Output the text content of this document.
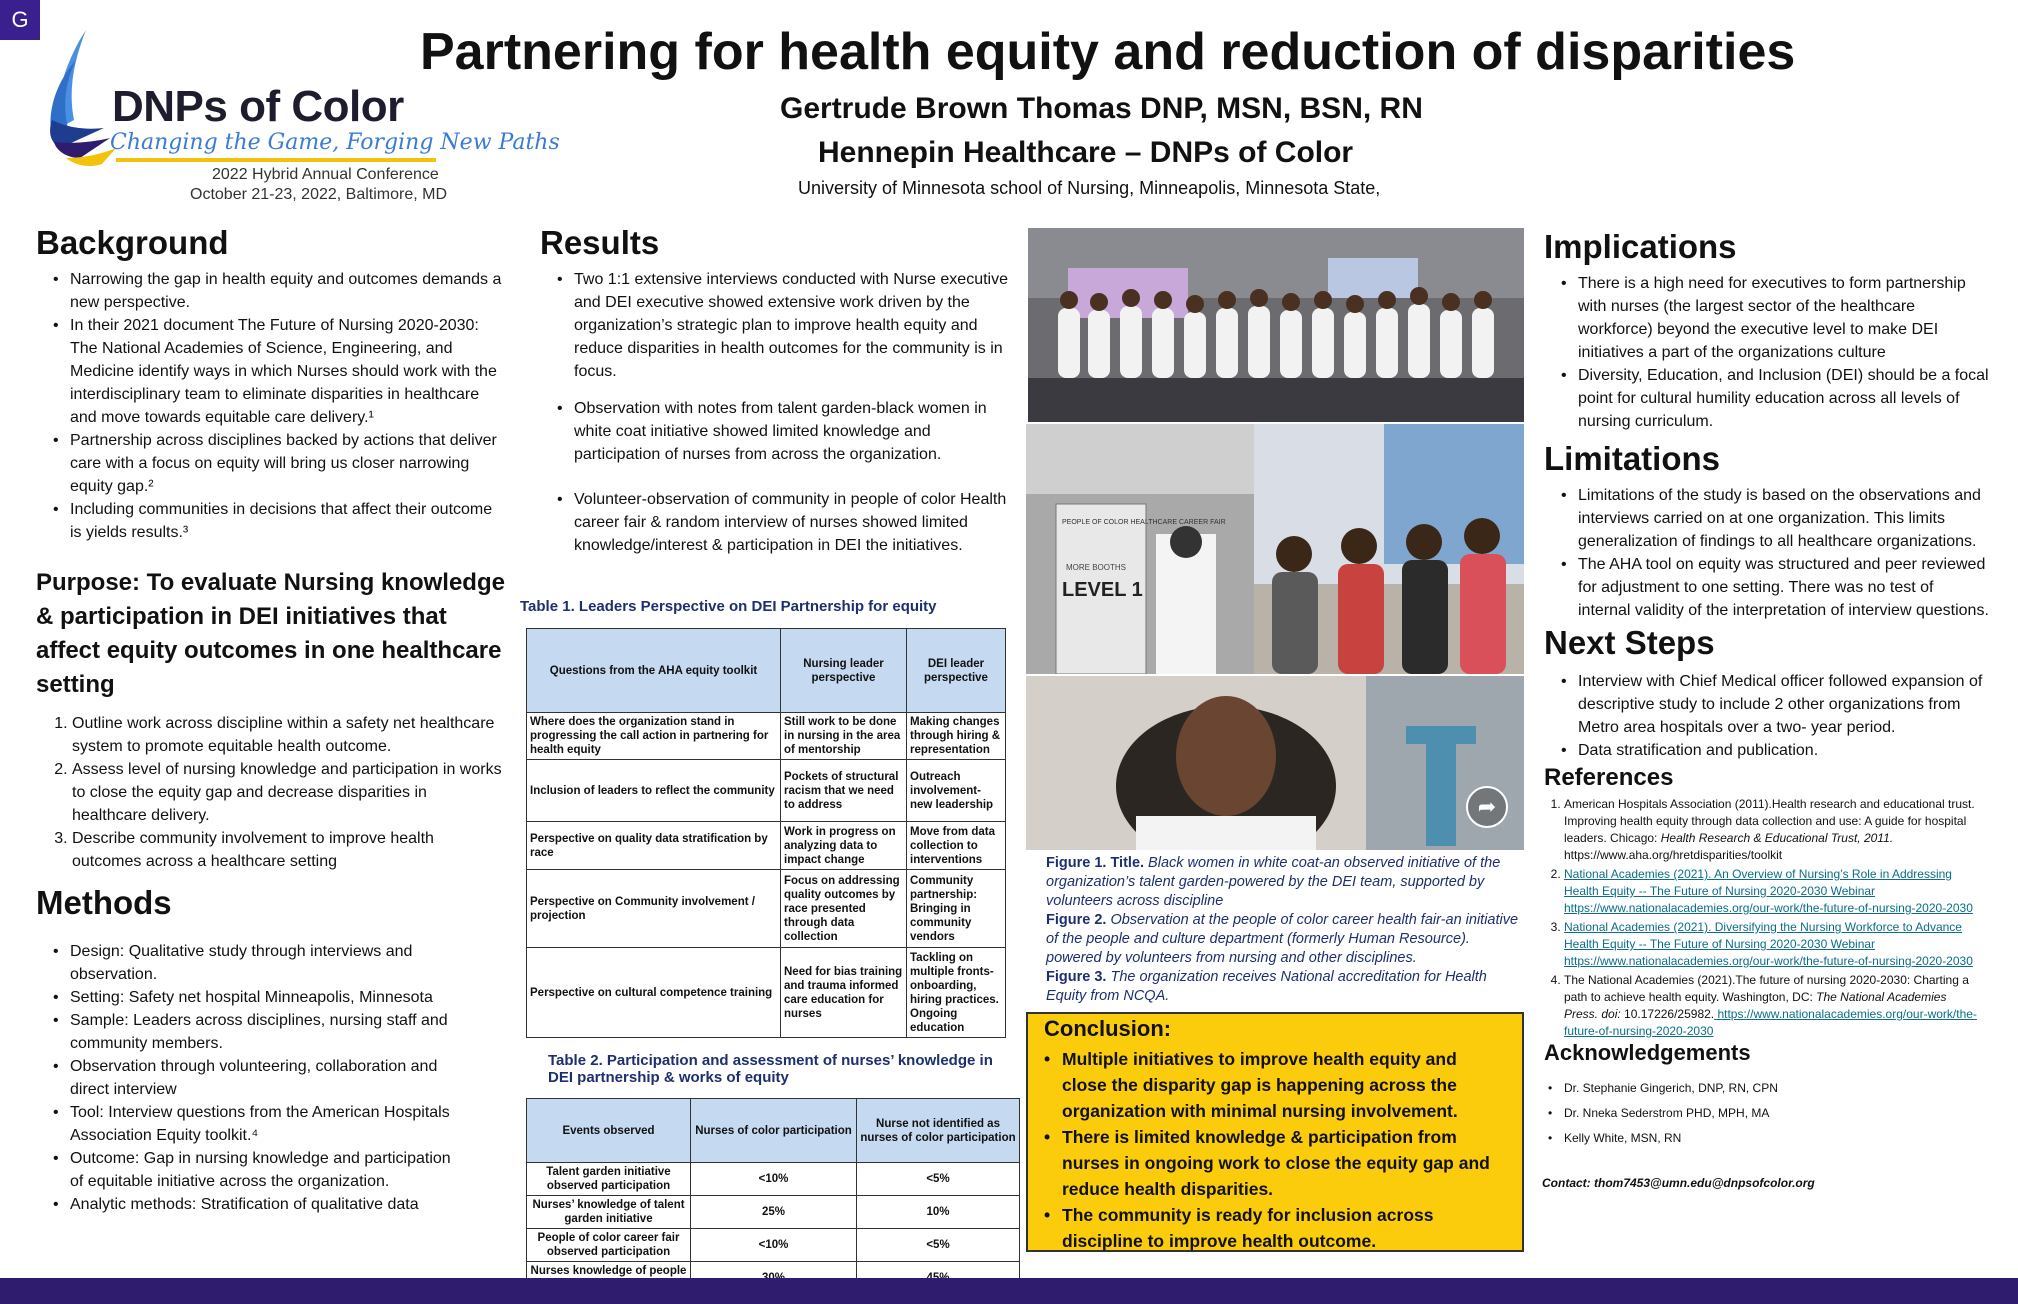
G
DNPs of Color
Changing the Game, Forging New Paths
2022 Hybrid Annual Conference
October 21-23, 2022, Baltimore, MD
Partnering for health equity and reduction of disparities
Gertrude Brown Thomas DNP, MSN, BSN, RN
Hennepin Healthcare – DNPs of Color
University of Minnesota school of Nursing, Minneapolis, Minnesota State,
Background
• Narrowing the gap in health equity and outcomes demands a new perspective.
• In their 2021 document The Future of Nursing 2020-2030: The National Academies of Science, Engineering, and Medicine identify ways in which Nurses should work with the interdisciplinary team to eliminate disparities in healthcare and move towards equitable care delivery.¹
• Partnership across disciplines backed by actions that deliver care with a focus on equity will bring us closer narrowing equity gap.²
• Including communities in decisions that affect their outcome is yields results.³
Purpose: To evaluate Nursing knowledge & participation in DEI initiatives that affect equity outcomes in one healthcare setting
1. Outline work across discipline within a safety net healthcare system to promote equitable health outcome.
2. Assess level of nursing knowledge and participation in works to close the equity gap and decrease disparities in healthcare delivery.
3. Describe community involvement to improve health outcomes across a healthcare setting
Methods
• Design: Qualitative study through interviews and observation.
• Setting: Safety net hospital Minneapolis, Minnesota
• Sample: Leaders across disciplines, nursing staff and community members.
• Observation through volunteering, collaboration and direct interview
• Tool: Interview questions from the American Hospitals Association Equity toolkit.⁴
• Outcome: Gap in nursing knowledge and participation of equitable initiative across the organization.
• Analytic methods: Stratification of qualitative data
Results
• Two 1:1 extensive interviews conducted with Nurse executive and DEI executive showed extensive work driven by the organization’s strategic plan to improve health equity and reduce disparities in health outcomes for the community is in focus.
• Observation with notes from talent garden-black women in white coat initiative showed limited knowledge and participation of nurses from across the organization.
• Volunteer-observation of community in people of color Health career fair & random interview of nurses showed limited knowledge/interest & participation in DEI the initiatives.
Table 1. Leaders Perspective on DEI Partnership for equity
Questions from the AHA equity toolkit	Nursing leader perspective	DEI leader perspective
Where does the organization stand in progressing the call action in partnering for health equity	Still work to be done in nursing in the area of mentorship	Making changes through hiring & representation
Inclusion of leaders to reflect the community	Pockets of structural racism that we need to address	Outreach involvement- new leadership
Perspective on quality data stratification by race	Work in progress on analyzing data to impact change	Move from data collection to interventions
Perspective on Community involvement / projection	Focus on addressing quality outcomes by race presented through data collection	Community partnership: Bringing in community vendors
Perspective on cultural competence training	Need for bias training and trauma informed care education for nurses	Tackling on multiple fronts- onboarding, hiring practices. Ongoing education
Table 2. Participation and assessment of nurses’ knowledge in DEI partnership & works of equity
Events observed	Nurses of color participation	Nurse not identified as nurses of color participation
Talent garden initiative observed participation	<10%	<5%
Nurses’ knowledge of talent garden initiative	25%	10%
People of color career fair observed participation	<10%	<5%
Nurses knowledge of people		
PEOPLE OF COLOR HEALTHCARE CAREER FAIR
MORE BOOTHS
LEVEL 1
➦
Figure 1. Title. Black women in white coat-an observed initiative of the organization’s talent garden-powered by the DEI team, supported by volunteers across discipline
Figure 2. Observation at the people of color career health fair-an initiative of the people and culture department (formerly Human Resource). powered by volunteers from nursing and other disciplines.
Figure 3. The organization receives National accreditation for Health Equity from NCQA.
Conclusion:
• Multiple initiatives to improve health equity and close the disparity gap is happening across the organization with minimal nursing involvement.
• There is limited knowledge & participation from nurses in ongoing work to close the equity gap and reduce health disparities.
• The community is ready for inclusion across discipline to improve health outcome.
Implications
• There is a high need for executives to form partnership with nurses (the largest sector of the healthcare workforce) beyond the executive level to make DEI initiatives a part of the organizations culture
• Diversity, Education, and Inclusion (DEI) should be a focal point for cultural humility education across all levels of nursing curriculum.
Limitations
• Limitations of the study is based on the observations and interviews carried on at one organization. This limits generalization of findings to all healthcare organizations.
• The AHA tool on equity was structured and peer reviewed for adjustment to one setting. There was no test of internal validity of the interpretation of interview questions.
Next Steps
• Interview with Chief Medical officer followed expansion of descriptive study to include 2 other organizations from Metro area hospitals over a two- year period.
• Data stratification and publication.
References
1. American Hospitals Association (2011).Health research and educational trust. Improving health equity through data collection and use: A guide for hospital leaders. Chicago: Health Research & Educational Trust, 2011. https://www.aha.org/hretdisparities/toolkit
2. National Academies (2021). An Overview of Nursing’s Role in Addressing Health Equity -- The Future of Nursing 2020-2030 Webinar https://www.nationalacademies.org/our-work/the-future-of-nursing-2020-2030
3. National Academies (2021). Diversifying the Nursing Workforce to Advance Health Equity -- The Future of Nursing 2020-2030 Webinar https://www.nationalacademies.org/our-work/the-future-of-nursing-2020-2030
4. The National Academies (2021).The future of nursing 2020-2030: Charting a path to achieve health equity. Washington, DC: The National Academies Press. doi: 10.17226/25982. https://www.nationalacademies.org/our-work/the-future-of-nursing-2020-2030
Acknowledgements
• Dr. Stephanie Gingerich, DNP, RN, CPN
• Dr. Nneka Sederstrom PHD, MPH, MA
• Kelly White, MSN, RN
Contact: thom7453@umn.edu@dnpsofcolor.org
